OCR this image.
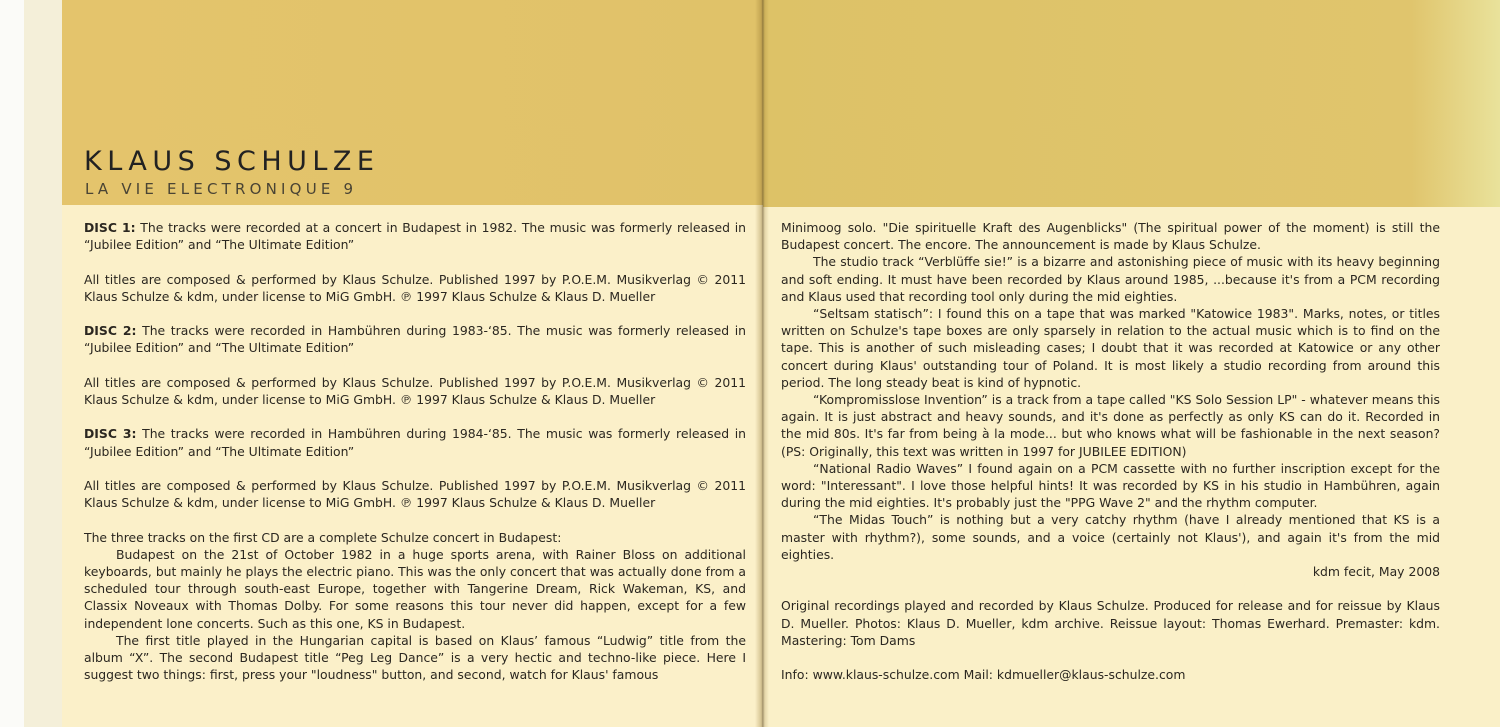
KLAUS SCHULZE
LA VIE ELECTRONIQUE 9

DISC 1: The tracks were recorded at a concert in Budapest in 1982. The music was formerly released in “Jubilee Edition” and “The Ultimate Edition”

All titles are composed & performed by Klaus Schulze. Published 1997 by P.O.E.M. Musikverlag © 2011 Klaus Schulze & kdm, under license to MiG GmbH. ℗ 1997 Klaus Schulze & Klaus D. Mueller

DISC 2: The tracks were recorded in Hambühren during 1983-‘85. The music was formerly released in “Jubilee Edition” and “The Ultimate Edition”

All titles are composed & performed by Klaus Schulze. Published 1997 by P.O.E.M. Musikverlag © 2011 Klaus Schulze & kdm, under license to MiG GmbH. ℗ 1997 Klaus Schulze & Klaus D. Mueller

DISC 3: The tracks were recorded in Hambühren during 1984-‘85. The music was formerly released in “Jubilee Edition” and “The Ultimate Edition”

All titles are composed & performed by Klaus Schulze. Published 1997 by P.O.E.M. Musikverlag © 2011 Klaus Schulze & kdm, under license to MiG GmbH. ℗ 1997 Klaus Schulze & Klaus D. Mueller

The three tracks on the first CD are a complete Schulze concert in Budapest:

Budapest on the 21st of October 1982 in a huge sports arena, with Rainer Bloss on additional keyboards, but mainly he plays the electric piano. This was the only concert that was actually done from a scheduled tour through south-east Europe, together with Tangerine Dream, Rick Wakeman, KS, and Classix Noveaux with Thomas Dolby. For some reasons this tour never did happen, except for a few independent lone concerts. Such as this one, KS in Budapest.

The first title played in the Hungarian capital is based on Klaus’ famous “Ludwig” title from the album “X”. The second Budapest title “Peg Leg Dance” is a very hectic and techno-like piece. Here I suggest two things: first, press your "loudness" button, and second, watch for Klaus' famous

Minimoog solo. "Die spirituelle Kraft des Augenblicks" (The spiritual power of the moment) is still the Budapest concert. The encore. The announcement is made by Klaus Schulze.

The studio track “Verblüffe sie!” is a bizarre and astonishing piece of music with its heavy beginning and soft ending. It must have been recorded by Klaus around 1985, ...because it's from a PCM recording and Klaus used that recording tool only during the mid eighties.

“Seltsam statisch”: I found this on a tape that was marked "Katowice 1983". Marks, notes, or titles written on Schulze's tape boxes are only sparsely in relation to the actual music which is to find on the tape. This is another of such misleading cases; I doubt that it was recorded at Katowice or any other concert during Klaus' outstanding tour of Poland. It is most likely a studio recording from around this period. The long steady beat is kind of hypnotic.

“Kompromisslose Invention” is a track from a tape called "KS Solo Session LP" - whatever means this again. It is just abstract and heavy sounds, and it's done as perfectly as only KS can do it. Recorded in the mid 80s. It's far from being à la mode... but who knows what will be fashionable in the next season? (PS: Originally, this text was written in 1997 for JUBILEE EDITION)

“National Radio Waves” I found again on a PCM cassette with no further inscription except for the word: "Interessant". I love those helpful hints! It was recorded by KS in his studio in Hambühren, again during the mid eighties. It's probably just the "PPG Wave 2" and the rhythm computer.

“The Midas Touch” is nothing but a very catchy rhythm (have I already mentioned that KS is a master with rhythm?), some sounds, and a voice (certainly not Klaus'), and again it's from the mid eighties.

kdm fecit, May 2008

Original recordings played and recorded by Klaus Schulze. Produced for release and for reissue by Klaus D. Mueller. Photos: Klaus D. Mueller, kdm archive. Reissue layout: Thomas Ewerhard. Premaster: kdm. Mastering: Tom Dams

Info: www.klaus-schulze.com Mail: kdmueller@klaus-schulze.com
